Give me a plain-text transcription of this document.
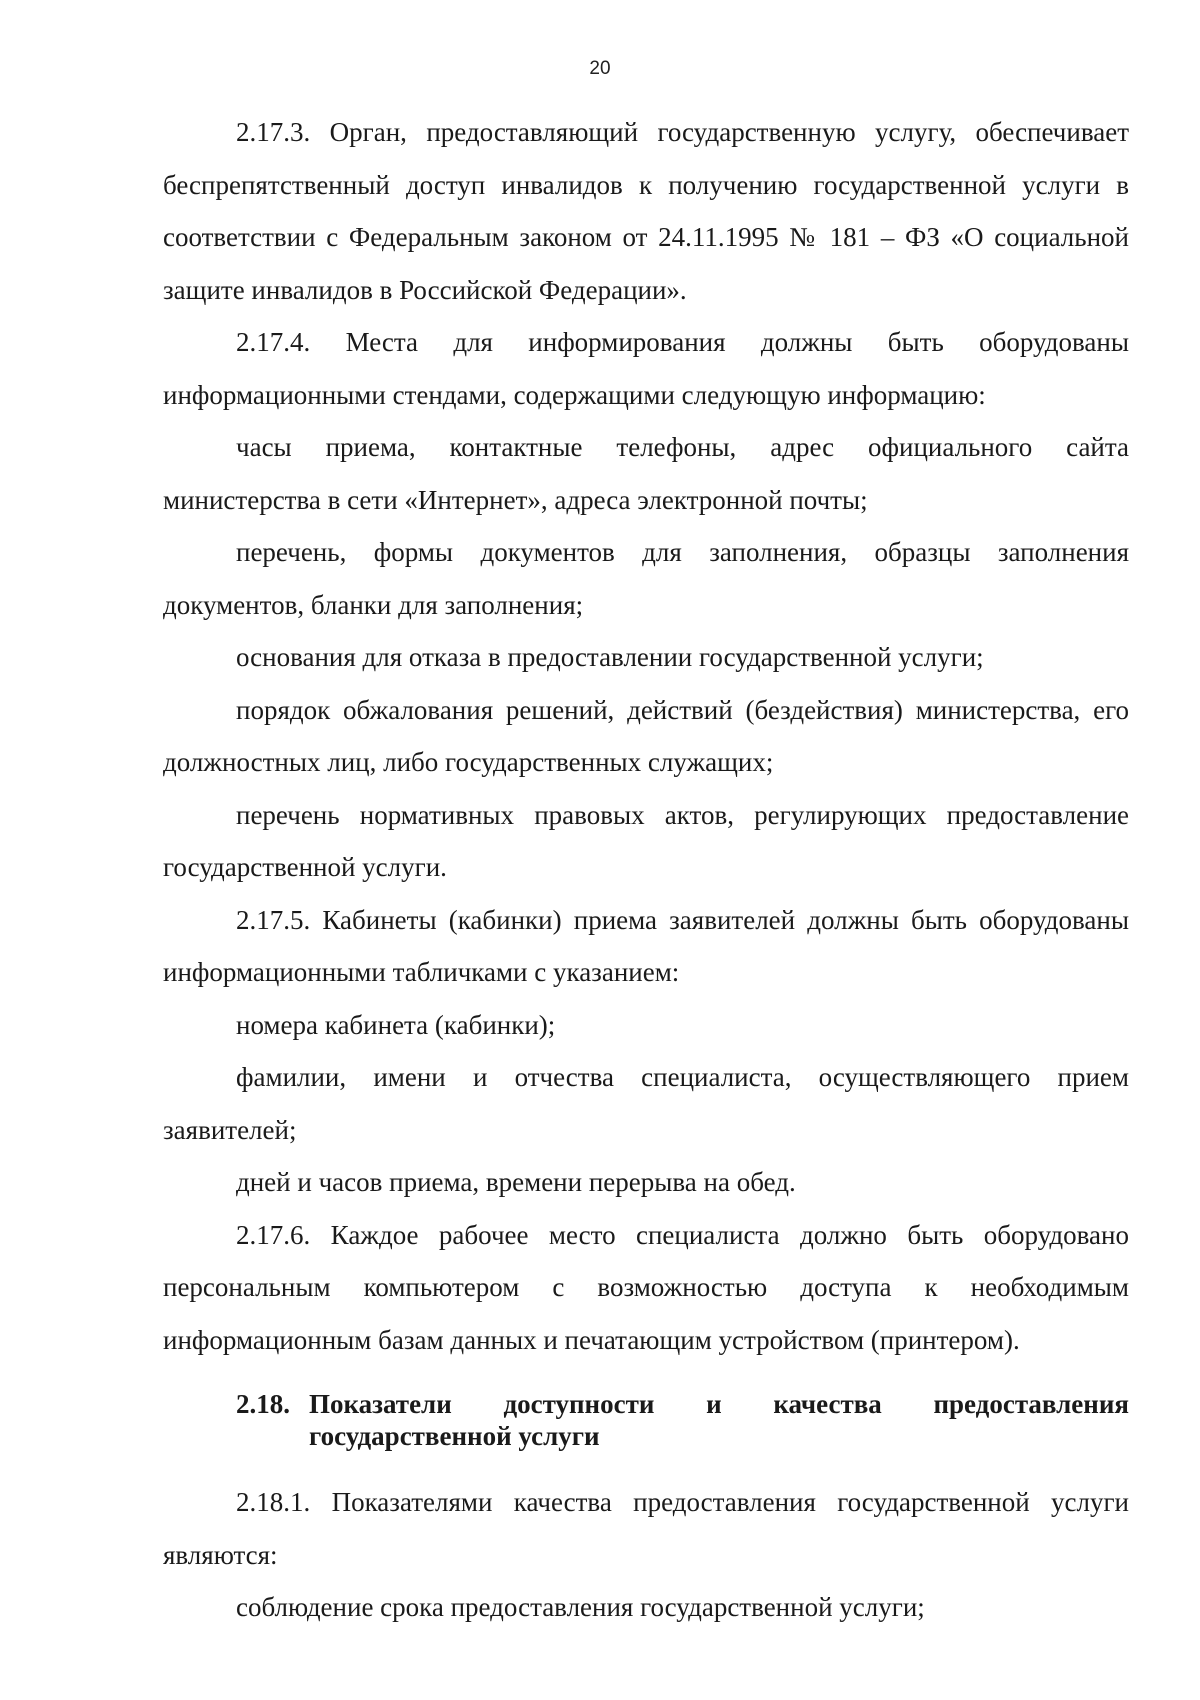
20

2.17.3. Орган, предоставляющий государственную услугу, обеспечивает беспрепятственный доступ инвалидов к получению государственной услуги в соответствии с Федеральным законом от 24.11.1995 № 181 – ФЗ «О социальной защите инвалидов в Российской Федерации».

2.17.4. Места для информирования должны быть оборудованы информационными стендами, содержащими следующую информацию:

часы приема, контактные телефоны, адрес официального сайта министерства в сети «Интернет», адреса электронной почты;

перечень, формы документов для заполнения, образцы заполнения документов, бланки для заполнения;

основания для отказа в предоставлении государственной услуги;

порядок обжалования решений, действий (бездействия) министерства, его должностных лиц, либо государственных служащих;

перечень нормативных правовых актов, регулирующих предоставление государственной услуги.

2.17.5. Кабинеты (кабинки) приема заявителей должны быть оборудованы информационными табличками с указанием:

номера кабинета (кабинки);

фамилии, имени и отчества специалиста, осуществляющего прием заявителей;

дней и часов приема, времени перерыва на обед.

2.17.6. Каждое рабочее место специалиста должно быть оборудовано персональным компьютером с возможностью доступа к необходимым информационным базам данных и печатающим устройством (принтером).

2.18. Показатели доступности и качества предоставления
государственной услуги

2.18.1. Показателями качества предоставления государственной услуги являются:

соблюдение срока предоставления государственной услуги;
